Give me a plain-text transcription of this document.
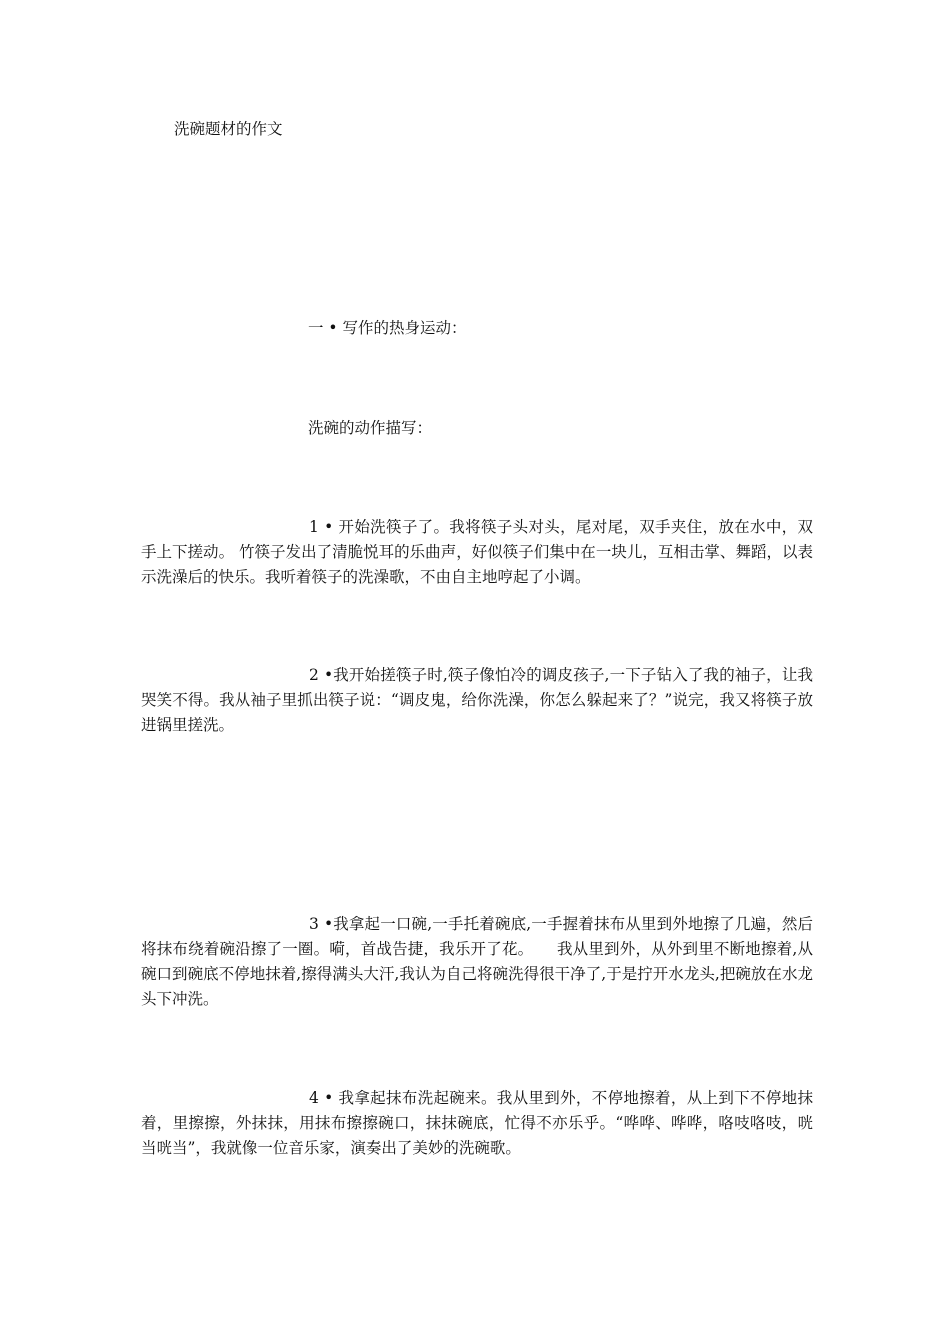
洗碗题材的作文

一 • 写作的热身运动：

洗碗的动作描写：

1 • 开始洗筷子了。我将筷子头对头，尾对尾，双手夹住，放在水中，双手上下搓动。 竹筷子发出了清脆悦耳的乐曲声，好似筷子们集中在一块儿，互相击掌、舞蹈，以表示洗澡后的快乐。我听着筷子的洗澡歌，不由自主地哼起了小调。

2 •我开始搓筷子时,筷子像怕冷的调皮孩子,一下子钻入了我的袖子，让我哭笑不得。我从袖子里抓出筷子说：“调皮鬼，给你洗澡，你怎么躲起来了？”说完，我又将筷子放进锅里搓洗。

3 •我拿起一口碗,一手托着碗底,一手握着抹布从里到外地擦了几遍，然后将抹布绕着碗沿擦了一圈。嗬，首战告捷，我乐开了花。　　我从里到外，从外到里不断地擦着,从碗口到碗底不停地抹着,擦得满头大汗,我认为自己将碗洗得很干净了,于是拧开水龙头,把碗放在水龙头下冲洗。

4 • 我拿起抹布洗起碗来。我从里到外，不停地擦着，从上到下不停地抹着，里擦擦，外抹抹，用抹布擦擦碗口，抹抹碗底，忙得不亦乐乎。“哗哗、哗哗，咯吱咯吱，咣当咣当”，我就像一位音乐家，演奏出了美妙的洗碗歌。
